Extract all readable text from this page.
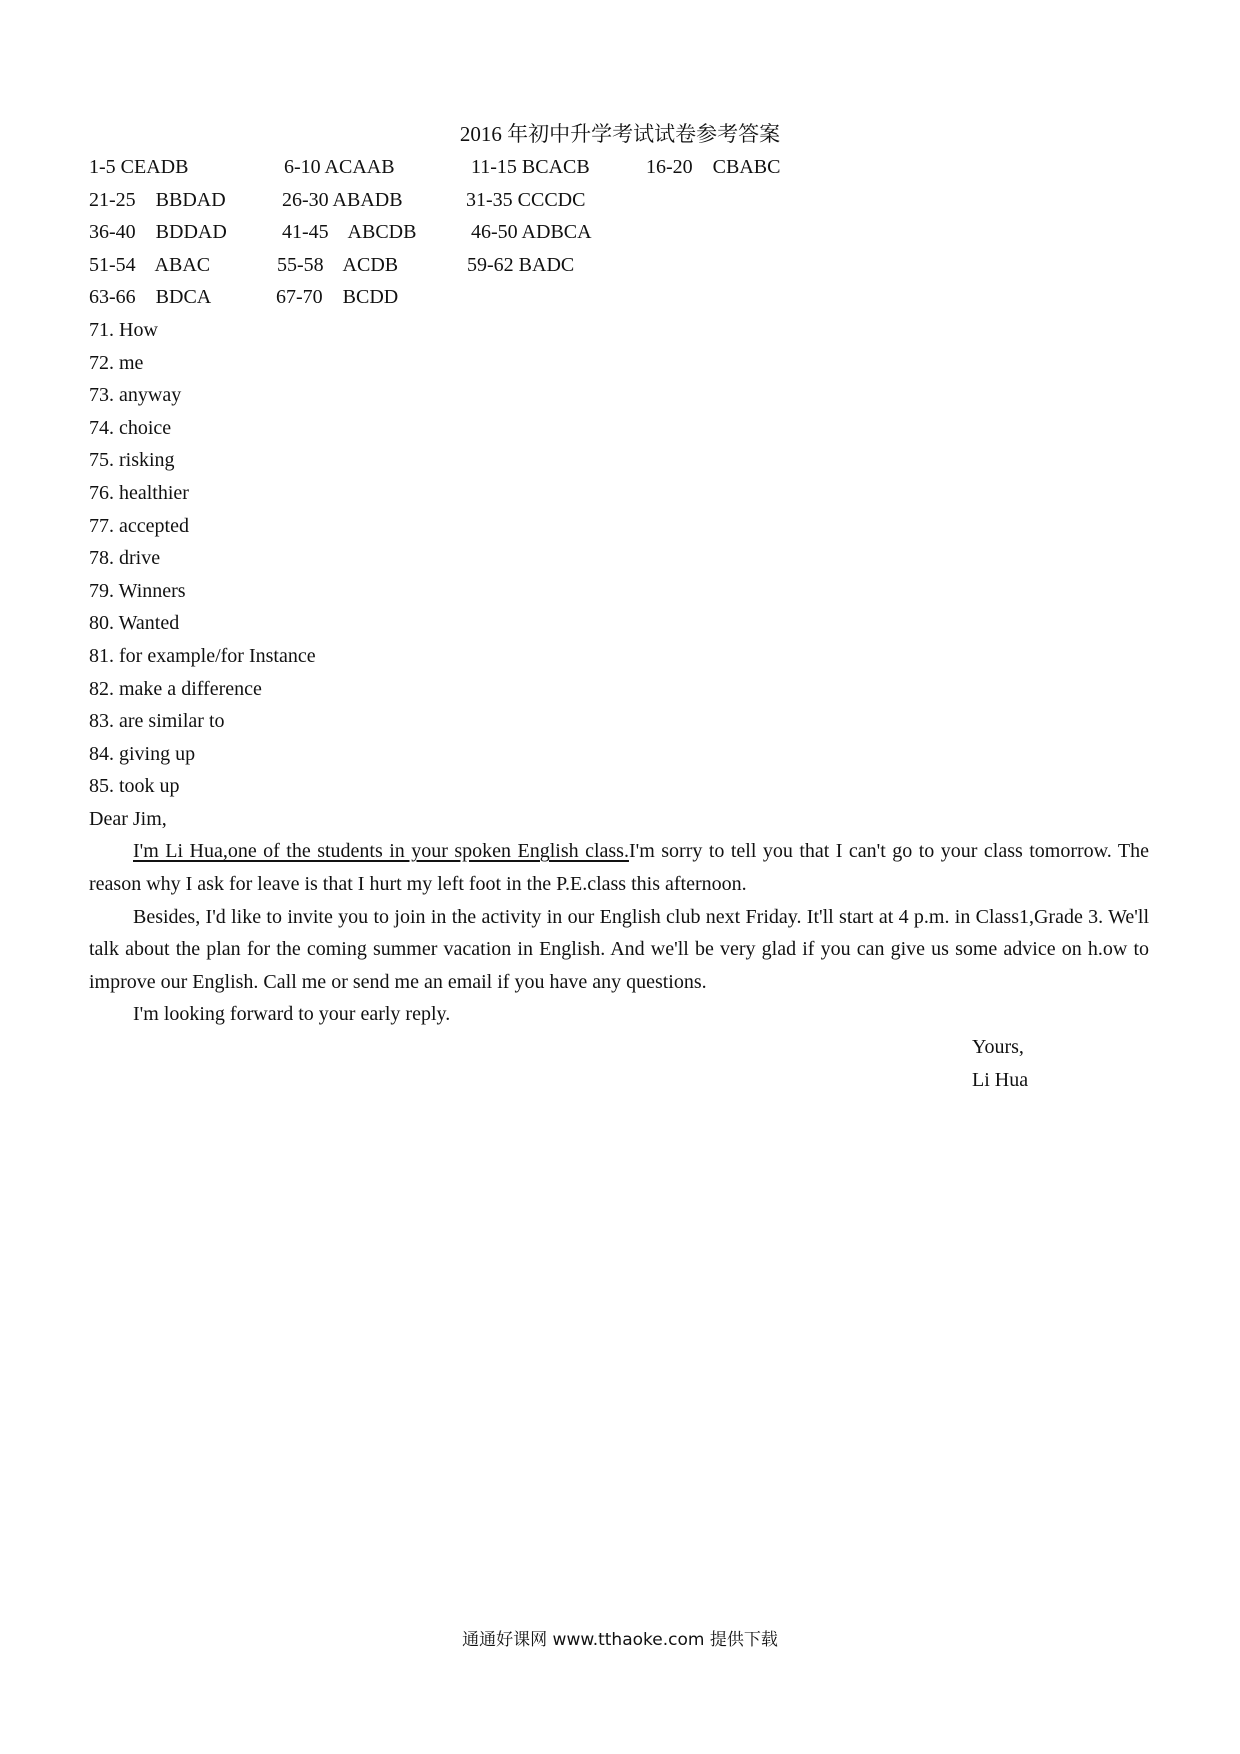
2016 年初中升学考试试卷参考答案
1-5 CEADB	6-10 ACAAB	11-15 BCACB	16-20    CBABC
21-25    BBDAD	26-30 ABADB	31-35 CCCDC
36-40    BDDAD	41-45    ABCDB	46-50 ADBCA
51-54    ABAC	55-58    ACDB	59-62 BADC
63-66    BDCA	67-70    BCDD
71. How
72. me
73. anyway
74. choice
75. risking
76. healthier
77. accepted
78. drive
79. Winners
80. Wanted
81. for example/for Instance
82. make a difference
83. are similar to
84. giving up
85. took up
Dear Jim,

I'm Li Hua,one of the students in your spoken English class.I'm sorry to tell you that I can't go to your class tomorrow. The reason why I ask for leave is that I hurt my left foot in the P.E.class this afternoon.

Besides, I'd like to invite you to join in the activity in our English club next Friday. It'll start at 4 p.m. in Class1,Grade 3. We'll talk about the plan for the coming summer vacation in English. And we'll be very glad if you can give us some advice on h.ow to improve our English. Call me or send me an email if you have any questions.

I'm looking forward to your early reply.

Yours,
Li Hua
通通好课网 www.tthaoke.com 提供下载
